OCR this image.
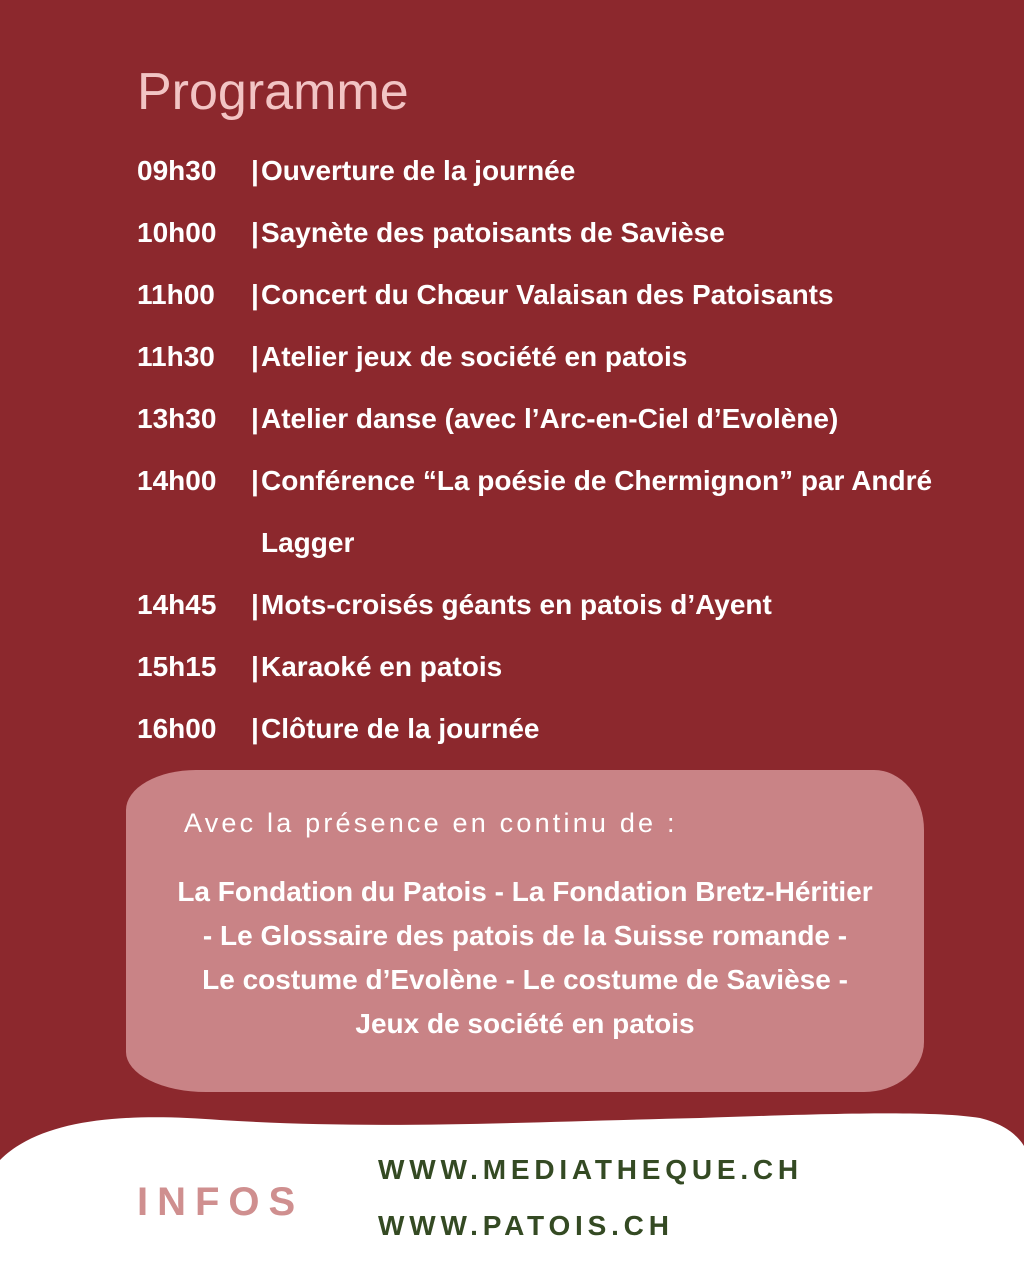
Programme
09h30	| Ouverture de la journée
10h00	| Saynète des patoisants de Savièse
11h00	| Concert du Chœur Valaisan des Patoisants
11h30	| Atelier jeux de société en patois
13h30	| Atelier danse (avec l’Arc-en-Ciel d’Evolène)
14h00	| Conférence “La poésie de Chermignon” par André Lagger
14h45	| Mots-croisés géants en patois d’Ayent
15h15	| Karaoké en patois
16h00	| Clôture de la journée

Avec la présence en continu de :

La Fondation du Patois - La Fondation Bretz-Héritier
- Le Glossaire des patois de la Suisse romande -
Le costume d’Evolène - Le costume de Savièse -
Jeux de société en patois
INFOS
WWW.MEDIATHEQUE.CH
WWW.PATOIS.CH
